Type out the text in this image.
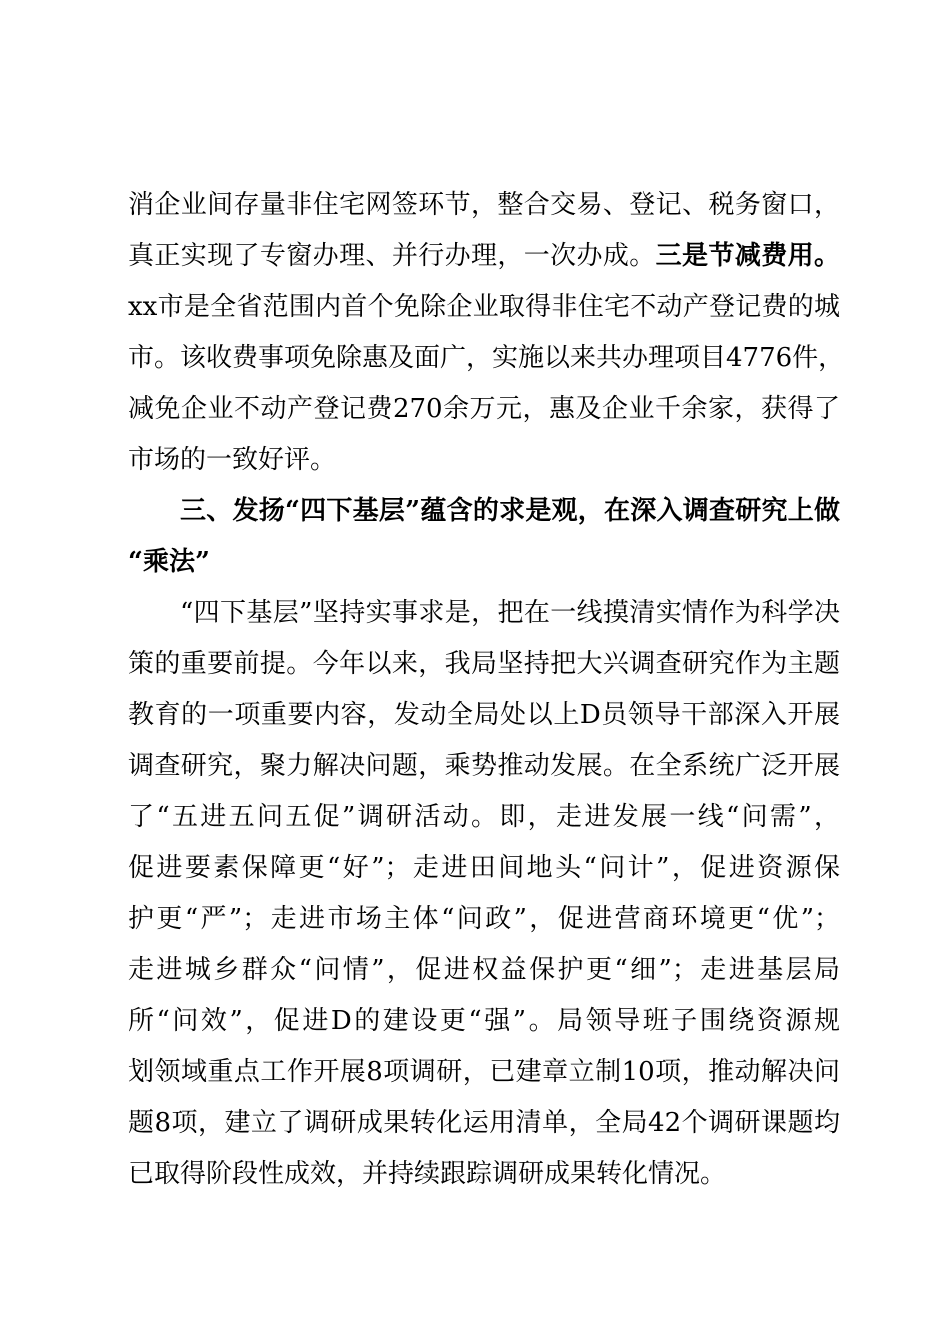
消企业间存量非住宅网签环节，整合交易、登记、税务窗口，
真正实现了专窗办理、并行办理，一次办成。三是节减费用。
xx市是全省范围内首个免除企业取得非住宅不动产登记费的城
市。该收费事项免除惠及面广，实施以来共办理项目4776件，
减免企业不动产登记费270余万元，惠及企业千余家，获得了
市场的一致好评。
三、发扬“四下基层”蕴含的求是观，在深入调查研究上做
“乘法”
“四下基层”坚持实事求是，把在一线摸清实情作为科学决
策的重要前提。今年以来，我局坚持把大兴调查研究作为主题
教育的一项重要内容，发动全局处以上D员领导干部深入开展
调查研究，聚力解决问题，乘势推动发展。在全系统广泛开展
了“五进五问五促”调研活动。即，走进发展一线“问需”，
促进要素保障更“好”；走进田间地头“问计”，促进资源保
护更“严”；走进市场主体“问政”，促进营商环境更“优”；
走进城乡群众“问情”，促进权益保护更“细”；走进基层局
所“问效”，促进D的建设更“强”。局领导班子围绕资源规
划领域重点工作开展8项调研，已建章立制10项，推动解决问
题8项，建立了调研成果转化运用清单，全局42个调研课题均
已取得阶段性成效，并持续跟踪调研成果转化情况。
